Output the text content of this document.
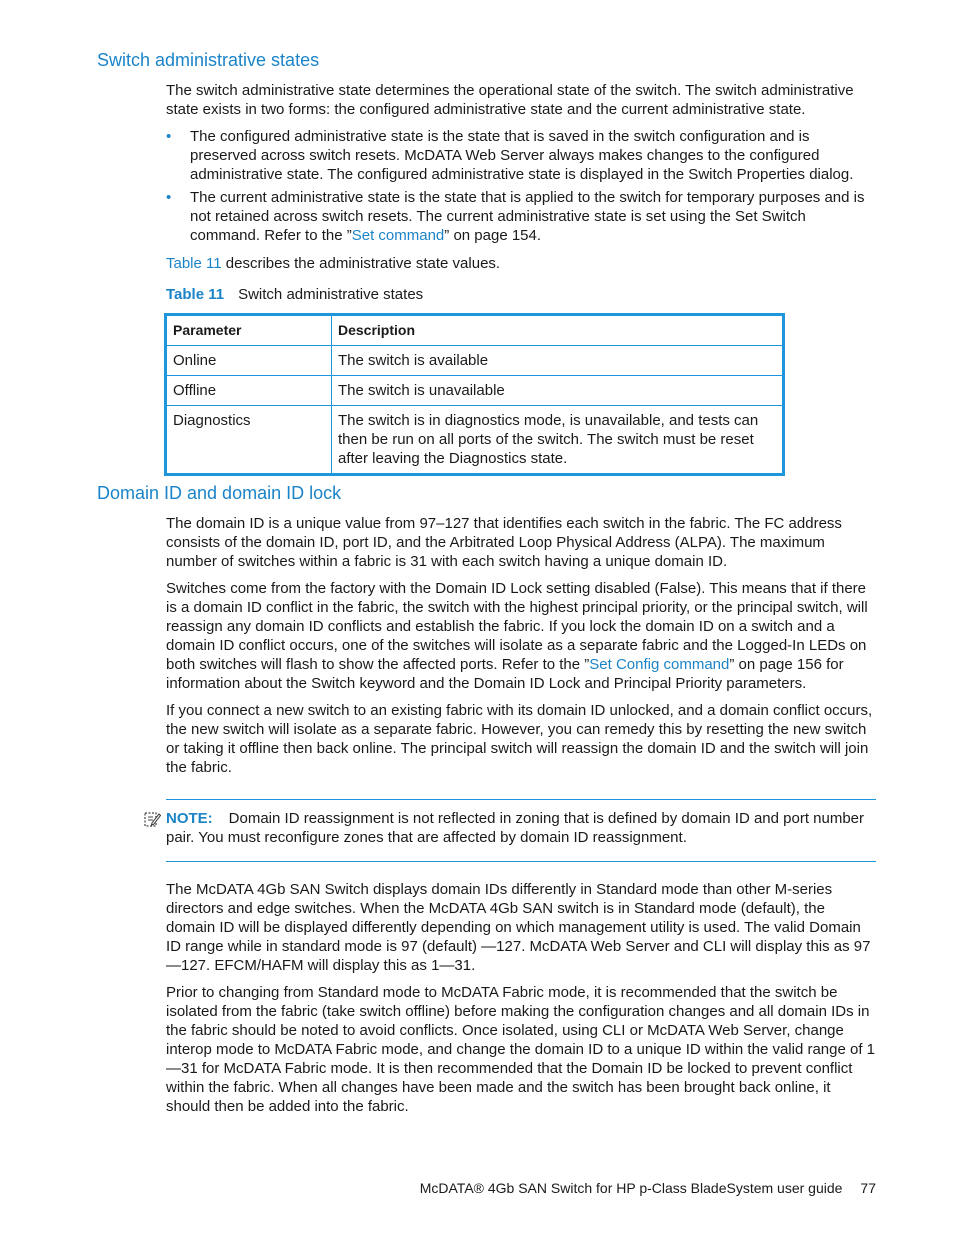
Switch administrative states

The switch administrative state determines the operational state of the switch. The switch administrative state exists in two forms: the configured administrative state and the current administrative state.

• The configured administrative state is the state that is saved in the switch configuration and is preserved across switch resets. McDATA Web Server always makes changes to the configured administrative state. The configured administrative state is displayed in the Switch Properties dialog.
• The current administrative state is the state that is applied to the switch for temporary purposes and is not retained across switch resets. The current administrative state is set using the Set Switch command. Refer to the ”Set command” on page 154.

Table 11 describes the administrative state values.

Table 11 Switch administrative states

Parameter	Description
Online	The switch is available
Offline	The switch is unavailable
Diagnostics	The switch is in diagnostics mode, is unavailable, and tests can then be run on all ports of the switch. The switch must be reset after leaving the Diagnostics state.
Domain ID and domain ID lock

The domain ID is a unique value from 97–127 that identifies each switch in the fabric. The FC address consists of the domain ID, port ID, and the Arbitrated Loop Physical Address (ALPA). The maximum number of switches within a fabric is 31 with each switch having a unique domain ID.

Switches come from the factory with the Domain ID Lock setting disabled (False). This means that if there is a domain ID conflict in the fabric, the switch with the highest principal priority, or the principal switch, will reassign any domain ID conflicts and establish the fabric. If you lock the domain ID on a switch and a domain ID conflict occurs, one of the switches will isolate as a separate fabric and the Logged-In LEDs on both switches will flash to show the affected ports. Refer to the ”Set Config command” on page 156 for information about the Switch keyword and the Domain ID Lock and Principal Priority parameters.

If you connect a new switch to an existing fabric with its domain ID unlocked, and a domain conflict occurs, the new switch will isolate as a separate fabric. However, you can remedy this by resetting the new switch or taking it offline then back online. The principal switch will reassign the domain ID and the switch will join the fabric.

NOTE: Domain ID reassignment is not reflected in zoning that is defined by domain ID and port number pair. You must reconfigure zones that are affected by domain ID reassignment.

The McDATA 4Gb SAN Switch displays domain IDs differently in Standard mode than other M-series directors and edge switches. When the McDATA 4Gb SAN switch is in Standard mode (default), the domain ID will be displayed differently depending on which management utility is used. The valid Domain ID range while in standard mode is 97 (default) —127. McDATA Web Server and CLI will display this as 97—127. EFCM/HAFM will display this as 1—31.

Prior to changing from Standard mode to McDATA Fabric mode, it is recommended that the switch be isolated from the fabric (take switch offline) before making the configuration changes and all domain IDs in the fabric should be noted to avoid conflicts. Once isolated, using CLI or McDATA Web Server, change interop mode to McDATA Fabric mode, and change the domain ID to a unique ID within the valid range of 1—31 for McDATA Fabric mode. It is then recommended that the Domain ID be locked to prevent conflict within the fabric. When all changes have been made and the switch has been brought back online, it should then be added into the fabric.

McDATA® 4Gb SAN Switch for HP p-Class BladeSystem user guide 77
